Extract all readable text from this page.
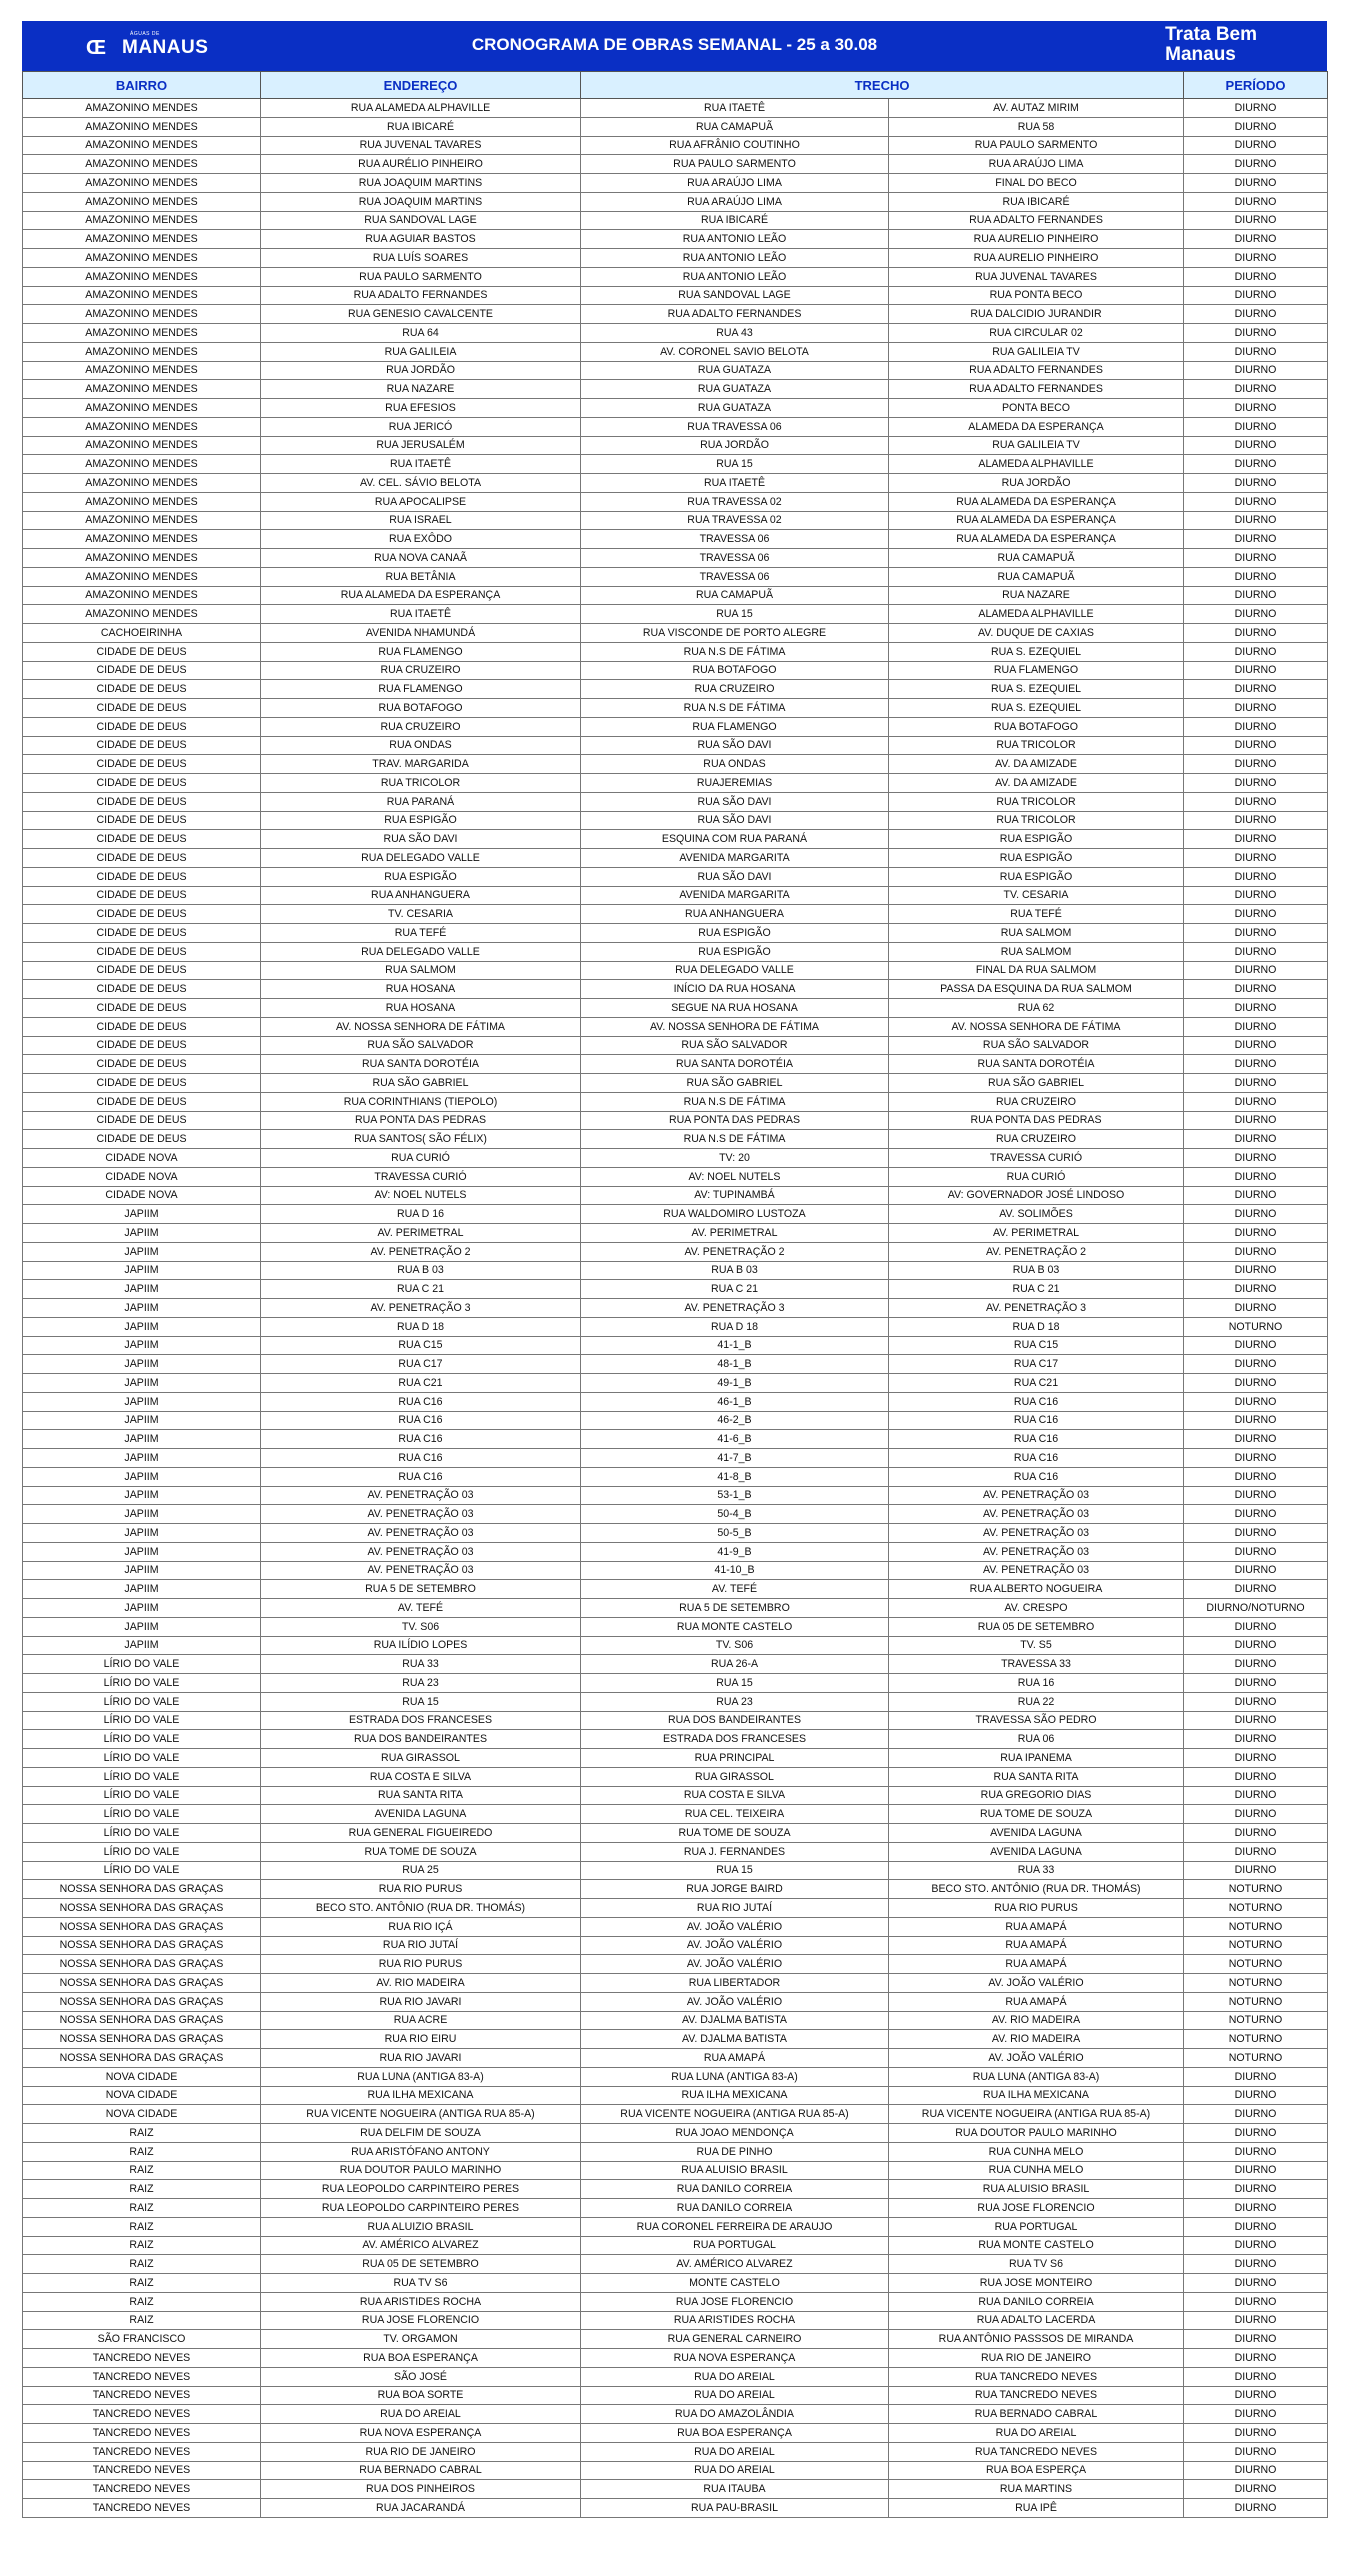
ÁGUAS DE
Œ MANAUS	CRONOGRAMA DE OBRAS SEMANAL - 25 a 30.08	Trata Bem
Manaus
BAIRRO	ENDEREÇO	TRECHO		PERÍODO
AMAZONINO MENDES	RUA ALAMEDA ALPHAVILLE	RUA ITAETÊ	AV. AUTAZ MIRIM	DIURNO
AMAZONINO MENDES	RUA IBICARÉ	RUA CAMAPUÃ	RUA 58	DIURNO
AMAZONINO MENDES	RUA JUVENAL TAVARES	RUA AFRÂNIO COUTINHO	RUA PAULO SARMENTO	DIURNO
AMAZONINO MENDES	RUA AURÉLIO PINHEIRO	RUA PAULO SARMENTO	RUA ARAÚJO LIMA	DIURNO
AMAZONINO MENDES	RUA JOAQUIM MARTINS	RUA ARAÚJO LIMA	FINAL DO BECO	DIURNO
AMAZONINO MENDES	RUA JOAQUIM MARTINS	RUA ARAÚJO LIMA	RUA IBICARÉ	DIURNO
AMAZONINO MENDES	RUA SANDOVAL LAGE	RUA IBICARÉ	RUA ADALTO FERNANDES	DIURNO
AMAZONINO MENDES	RUA AGUIAR BASTOS	RUA ANTONIO LEÃO	RUA AURELIO PINHEIRO	DIURNO
AMAZONINO MENDES	RUA LUÍS SOARES	RUA ANTONIO LEÃO	RUA AURELIO PINHEIRO	DIURNO
AMAZONINO MENDES	RUA PAULO SARMENTO	RUA ANTONIO LEÃO	RUA JUVENAL TAVARES	DIURNO
AMAZONINO MENDES	RUA ADALTO FERNANDES	RUA SANDOVAL LAGE	RUA PONTA BECO	DIURNO
AMAZONINO MENDES	RUA GENESIO CAVALCENTE	RUA ADALTO FERNANDES	RUA DALCIDIO JURANDIR	DIURNO
AMAZONINO MENDES	RUA 64	RUA 43	RUA CIRCULAR 02	DIURNO
AMAZONINO MENDES	RUA GALILEIA	AV. CORONEL SAVIO BELOTA	RUA GALILEIA TV	DIURNO
AMAZONINO MENDES	RUA JORDÃO	RUA GUATAZA	RUA ADALTO FERNANDES	DIURNO
AMAZONINO MENDES	RUA NAZARE	RUA GUATAZA	RUA ADALTO FERNANDES	DIURNO
AMAZONINO MENDES	RUA EFESIOS	RUA GUATAZA	PONTA BECO	DIURNO
AMAZONINO MENDES	RUA JERICÓ	RUA TRAVESSA 06	ALAMEDA DA ESPERANÇA	DIURNO
AMAZONINO MENDES	RUA JERUSALÉM	RUA JORDÃO	RUA GALILEIA TV	DIURNO
AMAZONINO MENDES	RUA ITAETÊ	RUA 15	ALAMEDA ALPHAVILLE	DIURNO
AMAZONINO MENDES	AV. CEL. SÁVIO BELOTA	RUA ITAETÊ	RUA JORDÃO	DIURNO
AMAZONINO MENDES	RUA APOCALIPSE	RUA TRAVESSA 02	RUA ALAMEDA DA ESPERANÇA	DIURNO
AMAZONINO MENDES	RUA ISRAEL	RUA TRAVESSA 02	RUA ALAMEDA DA ESPERANÇA	DIURNO
AMAZONINO MENDES	RUA EXÔDO	TRAVESSA 06	RUA ALAMEDA DA ESPERANÇA	DIURNO
AMAZONINO MENDES	RUA NOVA CANAÃ	TRAVESSA 06	RUA CAMAPUÃ	DIURNO
AMAZONINO MENDES	RUA BETÂNIA	TRAVESSA 06	RUA CAMAPUÃ	DIURNO
AMAZONINO MENDES	RUA ALAMEDA DA ESPERANÇA	RUA CAMAPUÃ	RUA NAZARE	DIURNO
AMAZONINO MENDES	RUA ITAETÊ	RUA 15	ALAMEDA ALPHAVILLE	DIURNO
CACHOEIRINHA	AVENIDA NHAMUNDÁ	RUA VISCONDE DE PORTO ALEGRE	AV. DUQUE DE CAXIAS	DIURNO
CIDADE DE DEUS	RUA FLAMENGO	RUA N.S DE FÁTIMA	RUA S. EZEQUIEL	DIURNO
CIDADE DE DEUS	RUA CRUZEIRO	RUA BOTAFOGO	RUA FLAMENGO	DIURNO
CIDADE DE DEUS	RUA FLAMENGO	RUA CRUZEIRO	RUA S. EZEQUIEL	DIURNO
CIDADE DE DEUS	RUA BOTAFOGO	RUA N.S DE FÁTIMA	RUA S. EZEQUIEL	DIURNO
CIDADE DE DEUS	RUA CRUZEIRO	RUA FLAMENGO	RUA BOTAFOGO	DIURNO
CIDADE DE DEUS	RUA ONDAS	RUA SÃO DAVI	RUA TRICOLOR	DIURNO
CIDADE DE DEUS	TRAV. MARGARIDA	RUA ONDAS	AV. DA AMIZADE	DIURNO
CIDADE DE DEUS	RUA TRICOLOR	RUAJEREMIAS	AV. DA AMIZADE	DIURNO
CIDADE DE DEUS	RUA PARANÁ	RUA SÃO DAVI	RUA TRICOLOR	DIURNO
CIDADE DE DEUS	RUA ESPIGÃO	RUA SÃO DAVI	RUA TRICOLOR	DIURNO
CIDADE DE DEUS	RUA SÃO DAVI	ESQUINA COM RUA PARANÁ	RUA ESPIGÃO	DIURNO
CIDADE DE DEUS	RUA DELEGADO VALLE	AVENIDA MARGARITA	RUA ESPIGÃO	DIURNO
CIDADE DE DEUS	RUA ESPIGÃO	RUA SÃO DAVI	RUA ESPIGÃO	DIURNO
CIDADE DE DEUS	RUA ANHANGUERA	AVENIDA MARGARITA	TV. CESARIA	DIURNO
CIDADE DE DEUS	TV. CESARIA	RUA ANHANGUERA	RUA TEFÉ	DIURNO
CIDADE DE DEUS	RUA TEFÉ	RUA ESPIGÃO	RUA SALMOM	DIURNO
CIDADE DE DEUS	RUA DELEGADO VALLE	RUA ESPIGÃO	RUA SALMOM	DIURNO
CIDADE DE DEUS	RUA SALMOM	RUA DELEGADO VALLE	FINAL DA RUA SALMOM	DIURNO
CIDADE DE DEUS	RUA HOSANA	INÍCIO DA RUA HOSANA	PASSA DA ESQUINA DA RUA SALMOM	DIURNO
CIDADE DE DEUS	RUA HOSANA	SEGUE NA RUA HOSANA	RUA 62	DIURNO
CIDADE DE DEUS	AV. NOSSA SENHORA DE FÁTIMA	AV. NOSSA SENHORA DE FÁTIMA	AV. NOSSA SENHORA DE FÁTIMA	DIURNO
CIDADE DE DEUS	RUA SÃO SALVADOR	RUA SÃO SALVADOR	RUA SÃO SALVADOR	DIURNO
CIDADE DE DEUS	RUA SANTA DOROTÉIA	RUA SANTA DOROTÉIA	RUA SANTA DOROTÉIA	DIURNO
CIDADE DE DEUS	RUA SÃO GABRIEL	RUA SÃO GABRIEL	RUA SÃO GABRIEL	DIURNO
CIDADE DE DEUS	RUA CORINTHIANS (TIEPOLO)	RUA N.S DE FÁTIMA	RUA CRUZEIRO	DIURNO
CIDADE DE DEUS	RUA PONTA DAS PEDRAS	RUA PONTA DAS PEDRAS	RUA PONTA DAS PEDRAS	DIURNO
CIDADE DE DEUS	RUA SANTOS( SÃO FÉLIX)	RUA N.S DE FÁTIMA	RUA CRUZEIRO	DIURNO
CIDADE NOVA	RUA CURIÓ	TV: 20	TRAVESSA CURIÓ	DIURNO
CIDADE NOVA	TRAVESSA CURIÓ	AV: NOEL NUTELS	RUA CURIÓ	DIURNO
CIDADE NOVA	AV: NOEL NUTELS	AV: TUPINAMBÁ	AV: GOVERNADOR JOSÉ LINDOSO	DIURNO
JAPIIM	RUA D 16	RUA WALDOMIRO LUSTOZA	AV. SOLIMÕES	DIURNO
JAPIIM	AV. PERIMETRAL	AV. PERIMETRAL	AV. PERIMETRAL	DIURNO
JAPIIM	AV. PENETRAÇÃO 2	AV. PENETRAÇÃO 2	AV. PENETRAÇÃO 2	DIURNO
JAPIIM	RUA B 03	RUA B 03	RUA B 03	DIURNO
JAPIIM	RUA C 21	RUA C 21	RUA C 21	DIURNO
JAPIIM	AV. PENETRAÇÃO 3	AV. PENETRAÇÃO 3	AV. PENETRAÇÃO 3	DIURNO
JAPIIM	RUA D 18	RUA D 18	RUA D 18	NOTURNO
JAPIIM	RUA C15	41-1_B	RUA C15	DIURNO
JAPIIM	RUA C17	48-1_B	RUA C17	DIURNO
JAPIIM	RUA C21	49-1_B	RUA C21	DIURNO
JAPIIM	RUA C16	46-1_B	RUA C16	DIURNO
JAPIIM	RUA C16	46-2_B	RUA C16	DIURNO
JAPIIM	RUA C16	41-6_B	RUA C16	DIURNO
JAPIIM	RUA C16	41-7_B	RUA C16	DIURNO
JAPIIM	RUA C16	41-8_B	RUA C16	DIURNO
JAPIIM	AV. PENETRAÇÃO 03	53-1_B	AV. PENETRAÇÃO 03	DIURNO
JAPIIM	AV. PENETRAÇÃO 03	50-4_B	AV. PENETRAÇÃO 03	DIURNO
JAPIIM	AV. PENETRAÇÃO 03	50-5_B	AV. PENETRAÇÃO 03	DIURNO
JAPIIM	AV. PENETRAÇÃO 03	41-9_B	AV. PENETRAÇÃO 03	DIURNO
JAPIIM	AV. PENETRAÇÃO 03	41-10_B	AV. PENETRAÇÃO 03	DIURNO
JAPIIM	RUA 5 DE SETEMBRO	AV. TEFÉ	RUA ALBERTO NOGUEIRA	DIURNO
JAPIIM	AV. TEFÉ	RUA 5 DE SETEMBRO	AV. CRESPO	DIURNO/NOTURNO
JAPIIM	TV. S06	RUA MONTE CASTELO	RUA 05 DE SETEMBRO	DIURNO
JAPIIM	RUA ILÍDIO LOPES	TV. S06	TV. S5	DIURNO
LÍRIO DO VALE	RUA 33	RUA 26-A	TRAVESSA 33	DIURNO
LÍRIO DO VALE	RUA 23	RUA 15	RUA 16	DIURNO
LÍRIO DO VALE	RUA 15	RUA 23	RUA 22	DIURNO
LÍRIO DO VALE	ESTRADA DOS FRANCESES	RUA DOS BANDEIRANTES	TRAVESSA SÃO PEDRO	DIURNO
LÍRIO DO VALE	RUA DOS BANDEIRANTES	ESTRADA DOS FRANCESES	RUA 06	DIURNO
LÍRIO DO VALE	RUA GIRASSOL	RUA PRINCIPAL	RUA IPANEMA	DIURNO
LÍRIO DO VALE	RUA COSTA E SILVA	RUA GIRASSOL	RUA SANTA RITA	DIURNO
LÍRIO DO VALE	RUA SANTA RITA	RUA COSTA E SILVA	RUA GREGORIO DIAS	DIURNO
LÍRIO DO VALE	AVENIDA LAGUNA	RUA CEL. TEIXEIRA	RUA TOME DE SOUZA	DIURNO
LÍRIO DO VALE	RUA GENERAL FIGUEIREDO	RUA TOME DE SOUZA	AVENIDA LAGUNA	DIURNO
LÍRIO DO VALE	RUA TOME DE SOUZA	RUA J. FERNANDES	AVENIDA LAGUNA	DIURNO
LÍRIO DO VALE	RUA 25	RUA 15	RUA 33	DIURNO
NOSSA SENHORA DAS GRAÇAS	RUA RIO PURUS	RUA JORGE BAIRD	BECO STO. ANTÔNIO (RUA DR. THOMÁS)	NOTURNO
NOSSA SENHORA DAS GRAÇAS	BECO STO. ANTÔNIO (RUA DR. THOMÁS)	RUA RIO JUTAÍ	RUA RIO PURUS	NOTURNO
NOSSA SENHORA DAS GRAÇAS	RUA RIO IÇÁ	AV. JOÃO VALÉRIO	RUA AMAPÁ	NOTURNO
NOSSA SENHORA DAS GRAÇAS	RUA RIO JUTAÍ	AV. JOÃO VALÉRIO	RUA AMAPÁ	NOTURNO
NOSSA SENHORA DAS GRAÇAS	RUA RIO PURUS	AV. JOÃO VALÉRIO	RUA AMAPÁ	NOTURNO
NOSSA SENHORA DAS GRAÇAS	AV. RIO MADEIRA	RUA LIBERTADOR	AV. JOÃO VALÉRIO	NOTURNO
NOSSA SENHORA DAS GRAÇAS	RUA RIO JAVARI	AV. JOÃO VALÉRIO	RUA AMAPÁ	NOTURNO
NOSSA SENHORA DAS GRAÇAS	RUA ACRE	AV. DJALMA BATISTA	AV. RIO MADEIRA	NOTURNO
NOSSA SENHORA DAS GRAÇAS	RUA RIO EIRU	AV. DJALMA BATISTA	AV. RIO MADEIRA	NOTURNO
NOSSA SENHORA DAS GRAÇAS	RUA RIO JAVARI	RUA AMAPÁ	AV. JOÃO VALÉRIO	NOTURNO
NOVA CIDADE	RUA LUNA (ANTIGA 83-A)	RUA LUNA (ANTIGA 83-A)	RUA LUNA (ANTIGA 83-A)	DIURNO
NOVA CIDADE	RUA ILHA MEXICANA	RUA ILHA MEXICANA	RUA ILHA MEXICANA	DIURNO
NOVA CIDADE	RUA VICENTE NOGUEIRA (ANTIGA RUA 85-A)	RUA VICENTE NOGUEIRA (ANTIGA RUA 85-A)	RUA VICENTE NOGUEIRA (ANTIGA RUA 85-A)	DIURNO
RAIZ	RUA DELFIM DE SOUZA	RUA JOAO MENDONÇA	RUA DOUTOR PAULO MARINHO	DIURNO
RAIZ	RUA ARISTÓFANO ANTONY	RUA DE PINHO	RUA CUNHA MELO	DIURNO
RAIZ	RUA DOUTOR PAULO MARINHO	RUA ALUISIO BRASIL	RUA CUNHA MELO	DIURNO
RAIZ	RUA LEOPOLDO CARPINTEIRO PERES	RUA DANILO CORREIA	RUA ALUISIO BRASIL	DIURNO
RAIZ	RUA LEOPOLDO CARPINTEIRO PERES	RUA DANILO CORREIA	RUA JOSE FLORENCIO	DIURNO
RAIZ	RUA ALUIZIO BRASIL	RUA CORONEL FERREIRA DE ARAUJO	RUA PORTUGAL	DIURNO
RAIZ	AV. AMÉRICO ALVAREZ	RUA PORTUGAL	RUA MONTE CASTELO	DIURNO
RAIZ	RUA 05 DE SETEMBRO	AV. AMÉRICO ALVAREZ	RUA TV S6	DIURNO
RAIZ	RUA TV S6	MONTE CASTELO	RUA JOSE MONTEIRO	DIURNO
RAIZ	RUA ARISTIDES ROCHA	RUA JOSE FLORENCIO	RUA DANILO CORREIA	DIURNO
RAIZ	RUA JOSE FLORENCIO	RUA ARISTIDES ROCHA	RUA ADALTO LACERDA	DIURNO
SÃO FRANCISCO	TV. ORGAMON	RUA GENERAL CARNEIRO	RUA ANTÔNIO PASSSOS DE MIRANDA	DIURNO
TANCREDO NEVES	RUA BOA ESPERANÇA	RUA NOVA ESPERANÇA	RUA RIO DE JANEIRO	DIURNO
TANCREDO NEVES	SÃO JOSÉ	RUA DO AREIAL	RUA TANCREDO NEVES	DIURNO
TANCREDO NEVES	RUA BOA SORTE	RUA DO AREIAL	RUA TANCREDO NEVES	DIURNO
TANCREDO NEVES	RUA DO AREIAL	RUA DO AMAZOLÂNDIA	RUA BERNADO CABRAL	DIURNO
TANCREDO NEVES	RUA NOVA ESPERANÇA	RUA BOA ESPERANÇA	RUA DO AREIAL	DIURNO
TANCREDO NEVES	RUA RIO DE JANEIRO	RUA DO AREIAL	RUA TANCREDO NEVES	DIURNO
TANCREDO NEVES	RUA BERNADO CABRAL	RUA DO AREIAL	RUA BOA ESPERÇA	DIURNO
TANCREDO NEVES	RUA DOS PINHEIROS	RUA ITAUBA	RUA MARTINS	DIURNO
TANCREDO NEVES	RUA JACARANDÁ	RUA PAU-BRASIL	RUA IPÊ	DIURNO
